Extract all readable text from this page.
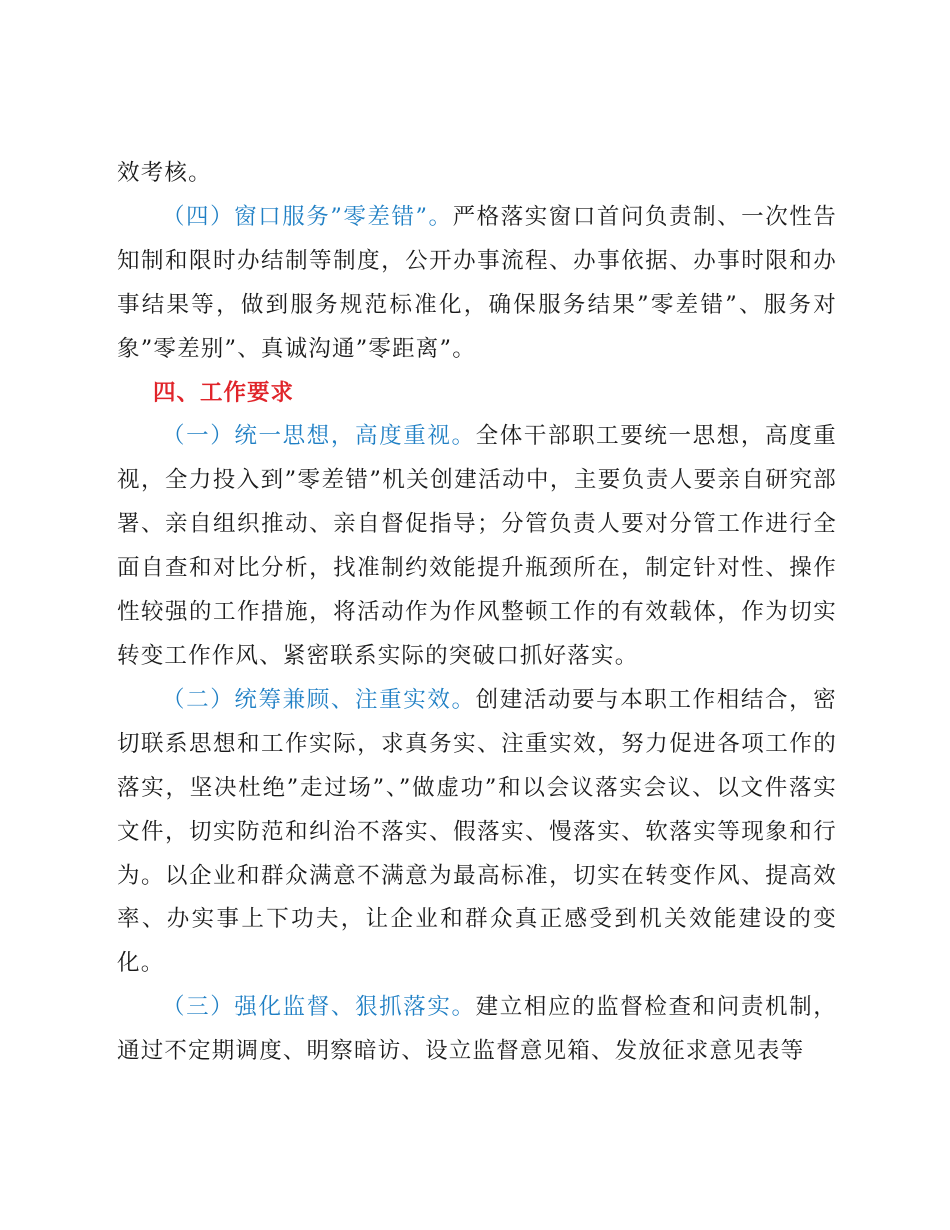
效考核。

（四）窗口服务”零差错”。严格落实窗口首问负责制、一次性告知制和限时办结制等制度，公开办事流程、办事依据、办事时限和办事结果等，做到服务规范标准化，确保服务结果”零差错”、服务对象”零差别”、真诚沟通”零距离”。

四、工作要求

（一）统一思想，高度重视。全体干部职工要统一思想，高度重视，全力投入到”零差错”机关创建活动中，主要负责人要亲自研究部署、亲自组织推动、亲自督促指导；分管负责人要对分管工作进行全面自查和对比分析，找准制约效能提升瓶颈所在，制定针对性、操作性较强的工作措施，将活动作为作风整顿工作的有效载体，作为切实转变工作作风、紧密联系实际的突破口抓好落实。

（二）统筹兼顾、注重实效。创建活动要与本职工作相结合，密切联系思想和工作实际，求真务实、注重实效，努力促进各项工作的落实，坚决杜绝”走过场”、”做虚功”和以会议落实会议、以文件落实文件，切实防范和纠治不落实、假落实、慢落实、软落实等现象和行为。以企业和群众满意不满意为最高标准，切实在转变作风、提高效率、办实事上下功夫，让企业和群众真正感受到机关效能建设的变化。

（三）强化监督、狠抓落实。建立相应的监督检查和问责机制，通过不定期调度、明察暗访、设立监督意见箱、发放征求意见表等
